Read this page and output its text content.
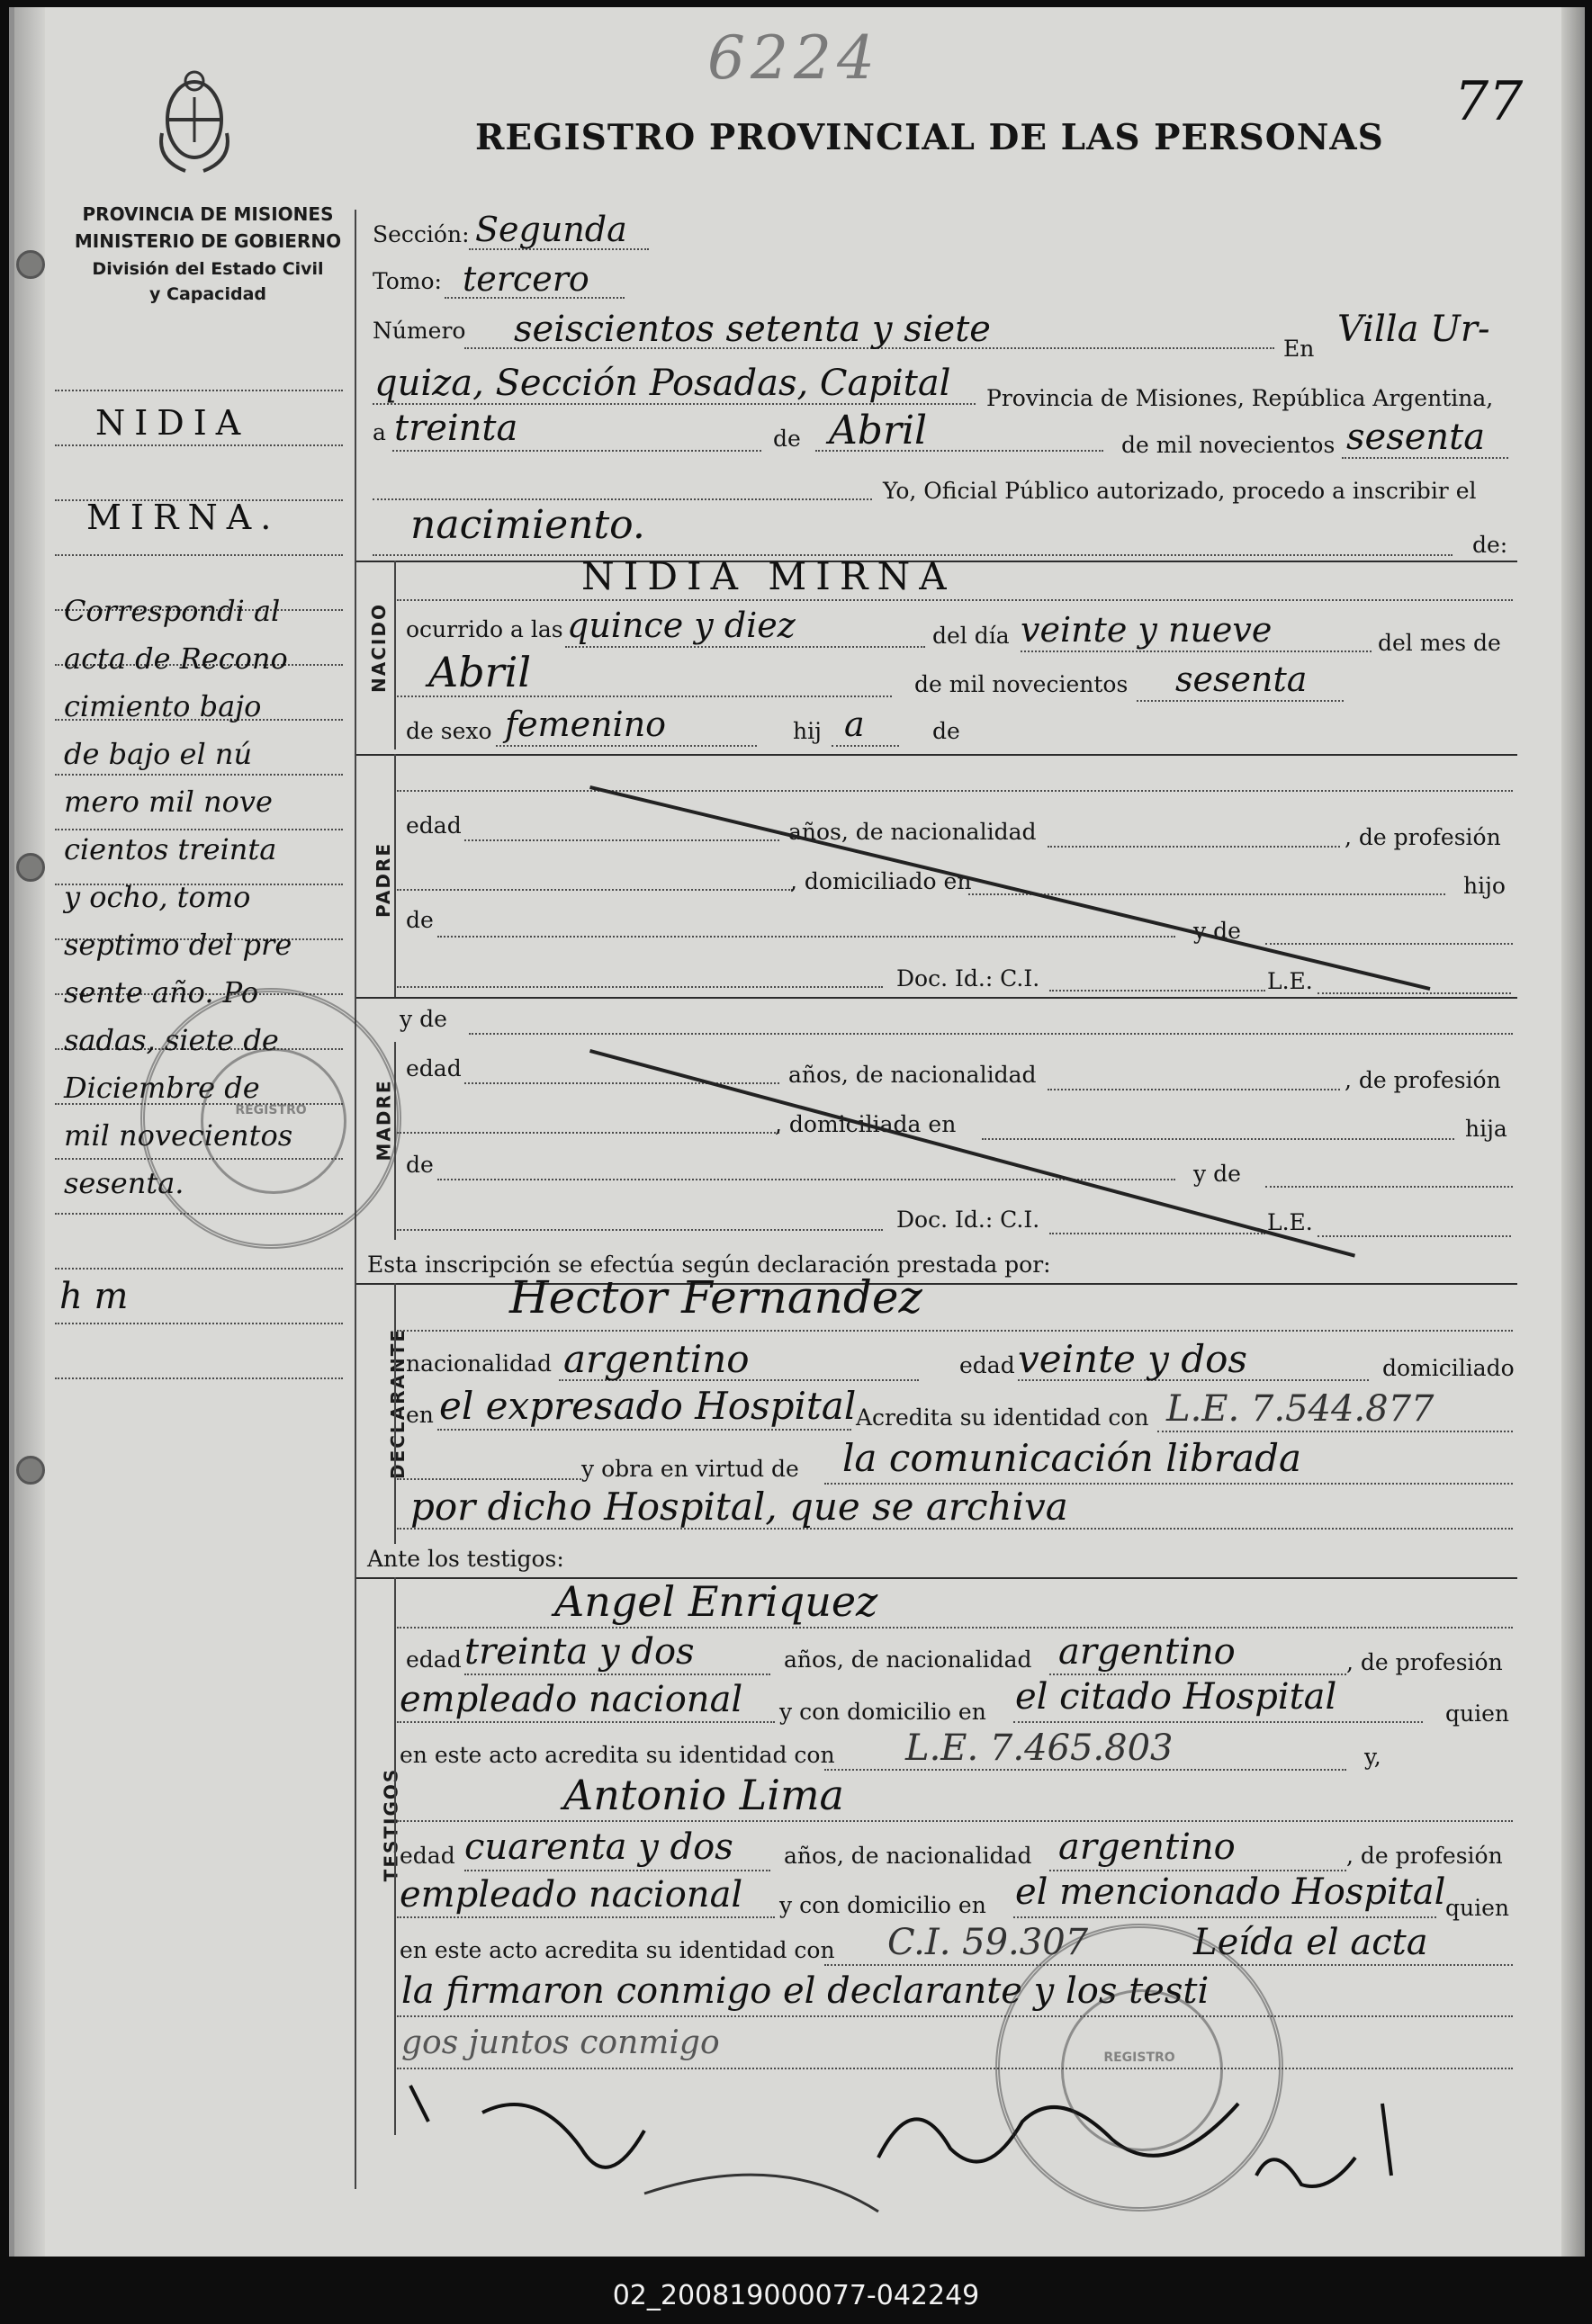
PROVINCIA DE MISIONES
MINISTERIO DE GOBIERNO
División del Estado Civil
y Capacidad
6224
77
REGISTRO PROVINCIAL DE LAS PERSONAS
NIDIA
MIRNA.
Correspondi al
acta de Recono
cimiento bajo
de bajo el nú
mero mil nove
cientos treinta
y ocho, tomo
septimo del pre
sente año. Po
sadas, siete de
Diciembre de
mil novecientos
sesenta.
h m
REGISTRO
Sección: Segunda
Tomo: tercero
Número seiscientos setenta y siete	En Villa Ur-
quiza, Sección Posadas, Capital Provincia de Misiones, República Argentina,
a treinta	de Abril	de mil novecientos sesenta
Yo, Oficial Público autorizado, procedo a inscribir el
nacimiento.	de:
NACIDO
NIDIA MIRNA
ocurrido a las quince y diez	del día veinte y nueve	del mes de
Abril	de mil novecientos sesenta
de sexo femenino	hij a	de
PADRE
edad	años, de nacionalidad	, de profesión
, domiciliado en	hijo
de	y de
Doc. Id.: C.I.	L.E.
y de
MADRE
edad	años, de nacionalidad	, de profesión
, domiciliada en	hija
de	y de
Doc. Id.: C.I.	L.E.
Esta inscripción se efectúa según declaración prestada por:
DECLARANTE
Hector Fernandez
nacionalidad argentino	edad veinte y dos	domiciliado
en el expresado Hospital Acredita su identidad con L.E. 7.544.877
y obra en virtud de la comunicación librada
por dicho Hospital, que se archiva
Ante los testigos:
TESTIGOS
Angel Enriquez
edad treinta y dos	años, de nacionalidad argentino	, de profesión
empleado nacional y con domicilio en el citado Hospital	quien
en este acto acredita su identidad con L.E. 7.465.803	y,
Antonio Lima
edad cuarenta y dos años, de nacionalidad argentino	, de profesión
empleado nacional y con domicilio en el mencionado Hospital quien
en este acto acredita su identidad con C.I. 59.307	Leída el acta
la firmaron conmigo el declarante y los testi
gos juntos conmigo	REGISTRO
02_200819000077-042249
